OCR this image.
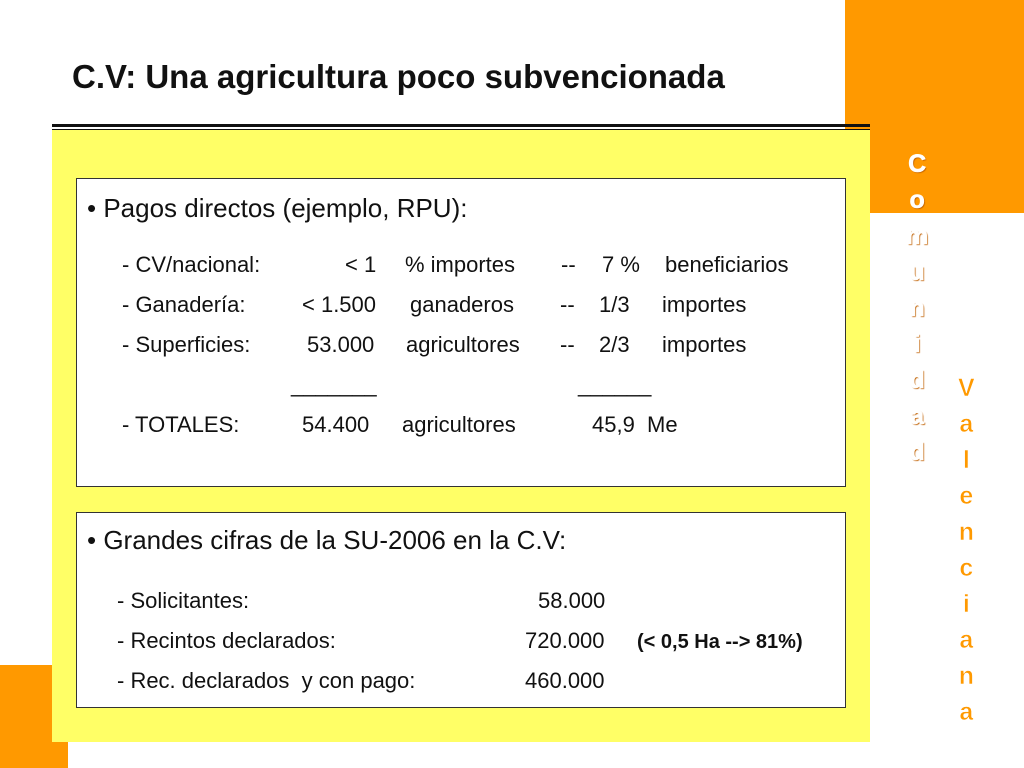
C.V: Una agricultura poco subvencionada
C
o
m
u
n
i
d
a
d
V
a
l
e
n
c
i
a
n
a
• Pagos directos (ejemplo, RPU):
- CV/nacional:	< 1 % importes -- 7 % beneficiarios
- Ganadería:	< 1.500 ganaderos -- 1/3 importes
- Superficies:	53.000 agricultores -- 2/3 importes
_______	______
- TOTALES:	54.400 agricultores	45,9  Me
• Grandes cifras de la SU-2006 en la C.V:
- Solicitantes:	58.000
- Recintos declarados:	720.000 (< 0,5 Ha --> 81%)
- Rec. declarados  y con pago:	460.000
